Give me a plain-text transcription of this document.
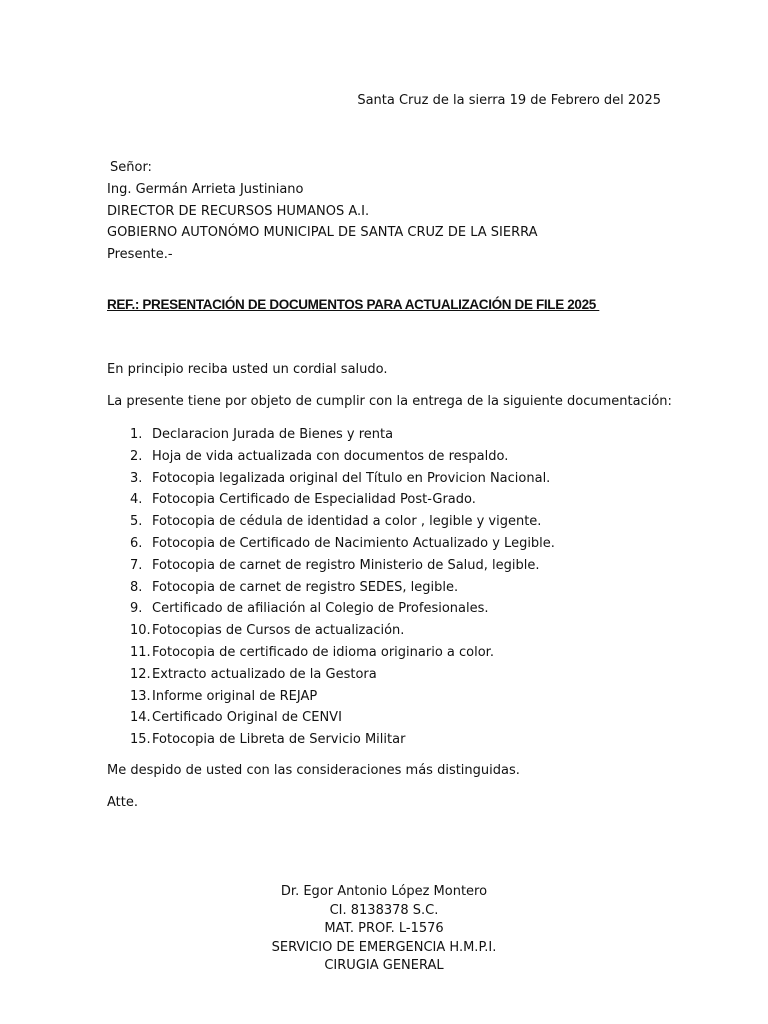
Santa Cruz de la sierra 19 de Febrero del 2025
Señor:
Ing. Germán Arrieta Justiniano
DIRECTOR DE RECURSOS HUMANOS A.I.
GOBIERNO AUTONÓMO MUNICIPAL DE SANTA CRUZ DE LA SIERRA
Presente.-
REF.: PRESENTACIÓN DE DOCUMENTOS PARA ACTUALIZACIÓN DE FILE 2025
En principio reciba usted un cordial saludo.
La presente tiene por objeto de cumplir con la entrega de la siguiente documentación:
1. Declaracion Jurada de Bienes y renta
2. Hoja de vida actualizada con documentos de respaldo.
3. Fotocopia legalizada original del Título en Provicion Nacional.
4. Fotocopia Certificado de Especialidad Post-Grado.
5. Fotocopia de cédula de identidad a color , legible y vigente.
6. Fotocopia de Certificado de Nacimiento Actualizado y Legible.
7. Fotocopia de carnet de registro Ministerio de Salud, legible.
8. Fotocopia de carnet de registro SEDES, legible.
9. Certificado de afiliación al Colegio de Profesionales.
10. Fotocopias de Cursos de actualización.
11. Fotocopia de certificado de idioma originario a color.
12. Extracto actualizado de la Gestora
13. Informe original de REJAP
14. Certificado Original de CENVI
15. Fotocopia de Libreta de Servicio Militar
Me despido de usted con las consideraciones más distinguidas.
Atte.
Dr. Egor Antonio López Montero
CI. 8138378 S.C.
MAT. PROF. L-1576
SERVICIO DE EMERGENCIA H.M.P.I.
CIRUGIA GENERAL
